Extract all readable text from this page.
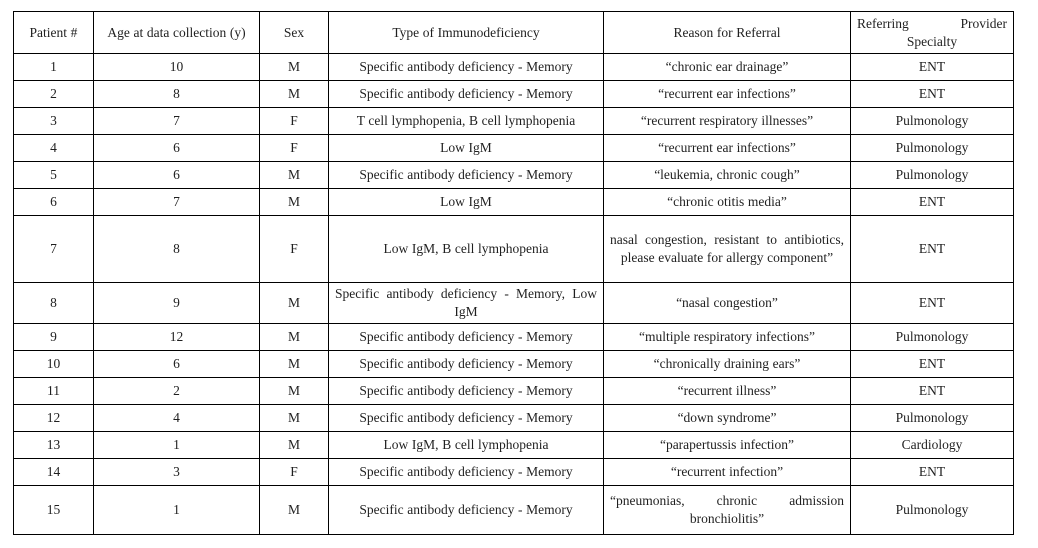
Patient #	Age at data collection (y)	Sex	Type of Immunodeficiency	Reason for Referral	Referring Provider Specialty
1	10	M	Specific antibody deficiency - Memory	“chronic ear drainage”	ENT
2	8	M	Specific antibody deficiency - Memory	“recurrent ear infections”	ENT
3	7	F	T cell lymphopenia, B cell lymphopenia	“recurrent respiratory illnesses”	Pulmonology
4	6	F	Low IgM	“recurrent ear infections”	Pulmonology
5	6	M	Specific antibody deficiency - Memory	“leukemia, chronic cough”	Pulmonology
6	7	M	Low IgM	“chronic otitis media”	ENT
7	8	F	Low IgM, B cell lymphopenia	nasal congestion, resistant to antibiotics, please evaluate for allergy component”	ENT
8	9	M	Specific antibody deficiency - Memory, Low IgM	“nasal congestion”	ENT
9	12	M	Specific antibody deficiency - Memory	“multiple respiratory infections”	Pulmonology
10	6	M	Specific antibody deficiency - Memory	“chronically draining ears”	ENT
11	2	M	Specific antibody deficiency - Memory	“recurrent illness”	ENT
12	4	M	Specific antibody deficiency - Memory	“down syndrome”	Pulmonology
13	1	M	Low IgM, B cell lymphopenia	“parapertussis infection”	Cardiology
14	3	F	Specific antibody deficiency - Memory	“recurrent infection”	ENT
15	1	M	Specific antibody deficiency - Memory	“pneumonias, chronic admission bronchiolitis”	Pulmonology
